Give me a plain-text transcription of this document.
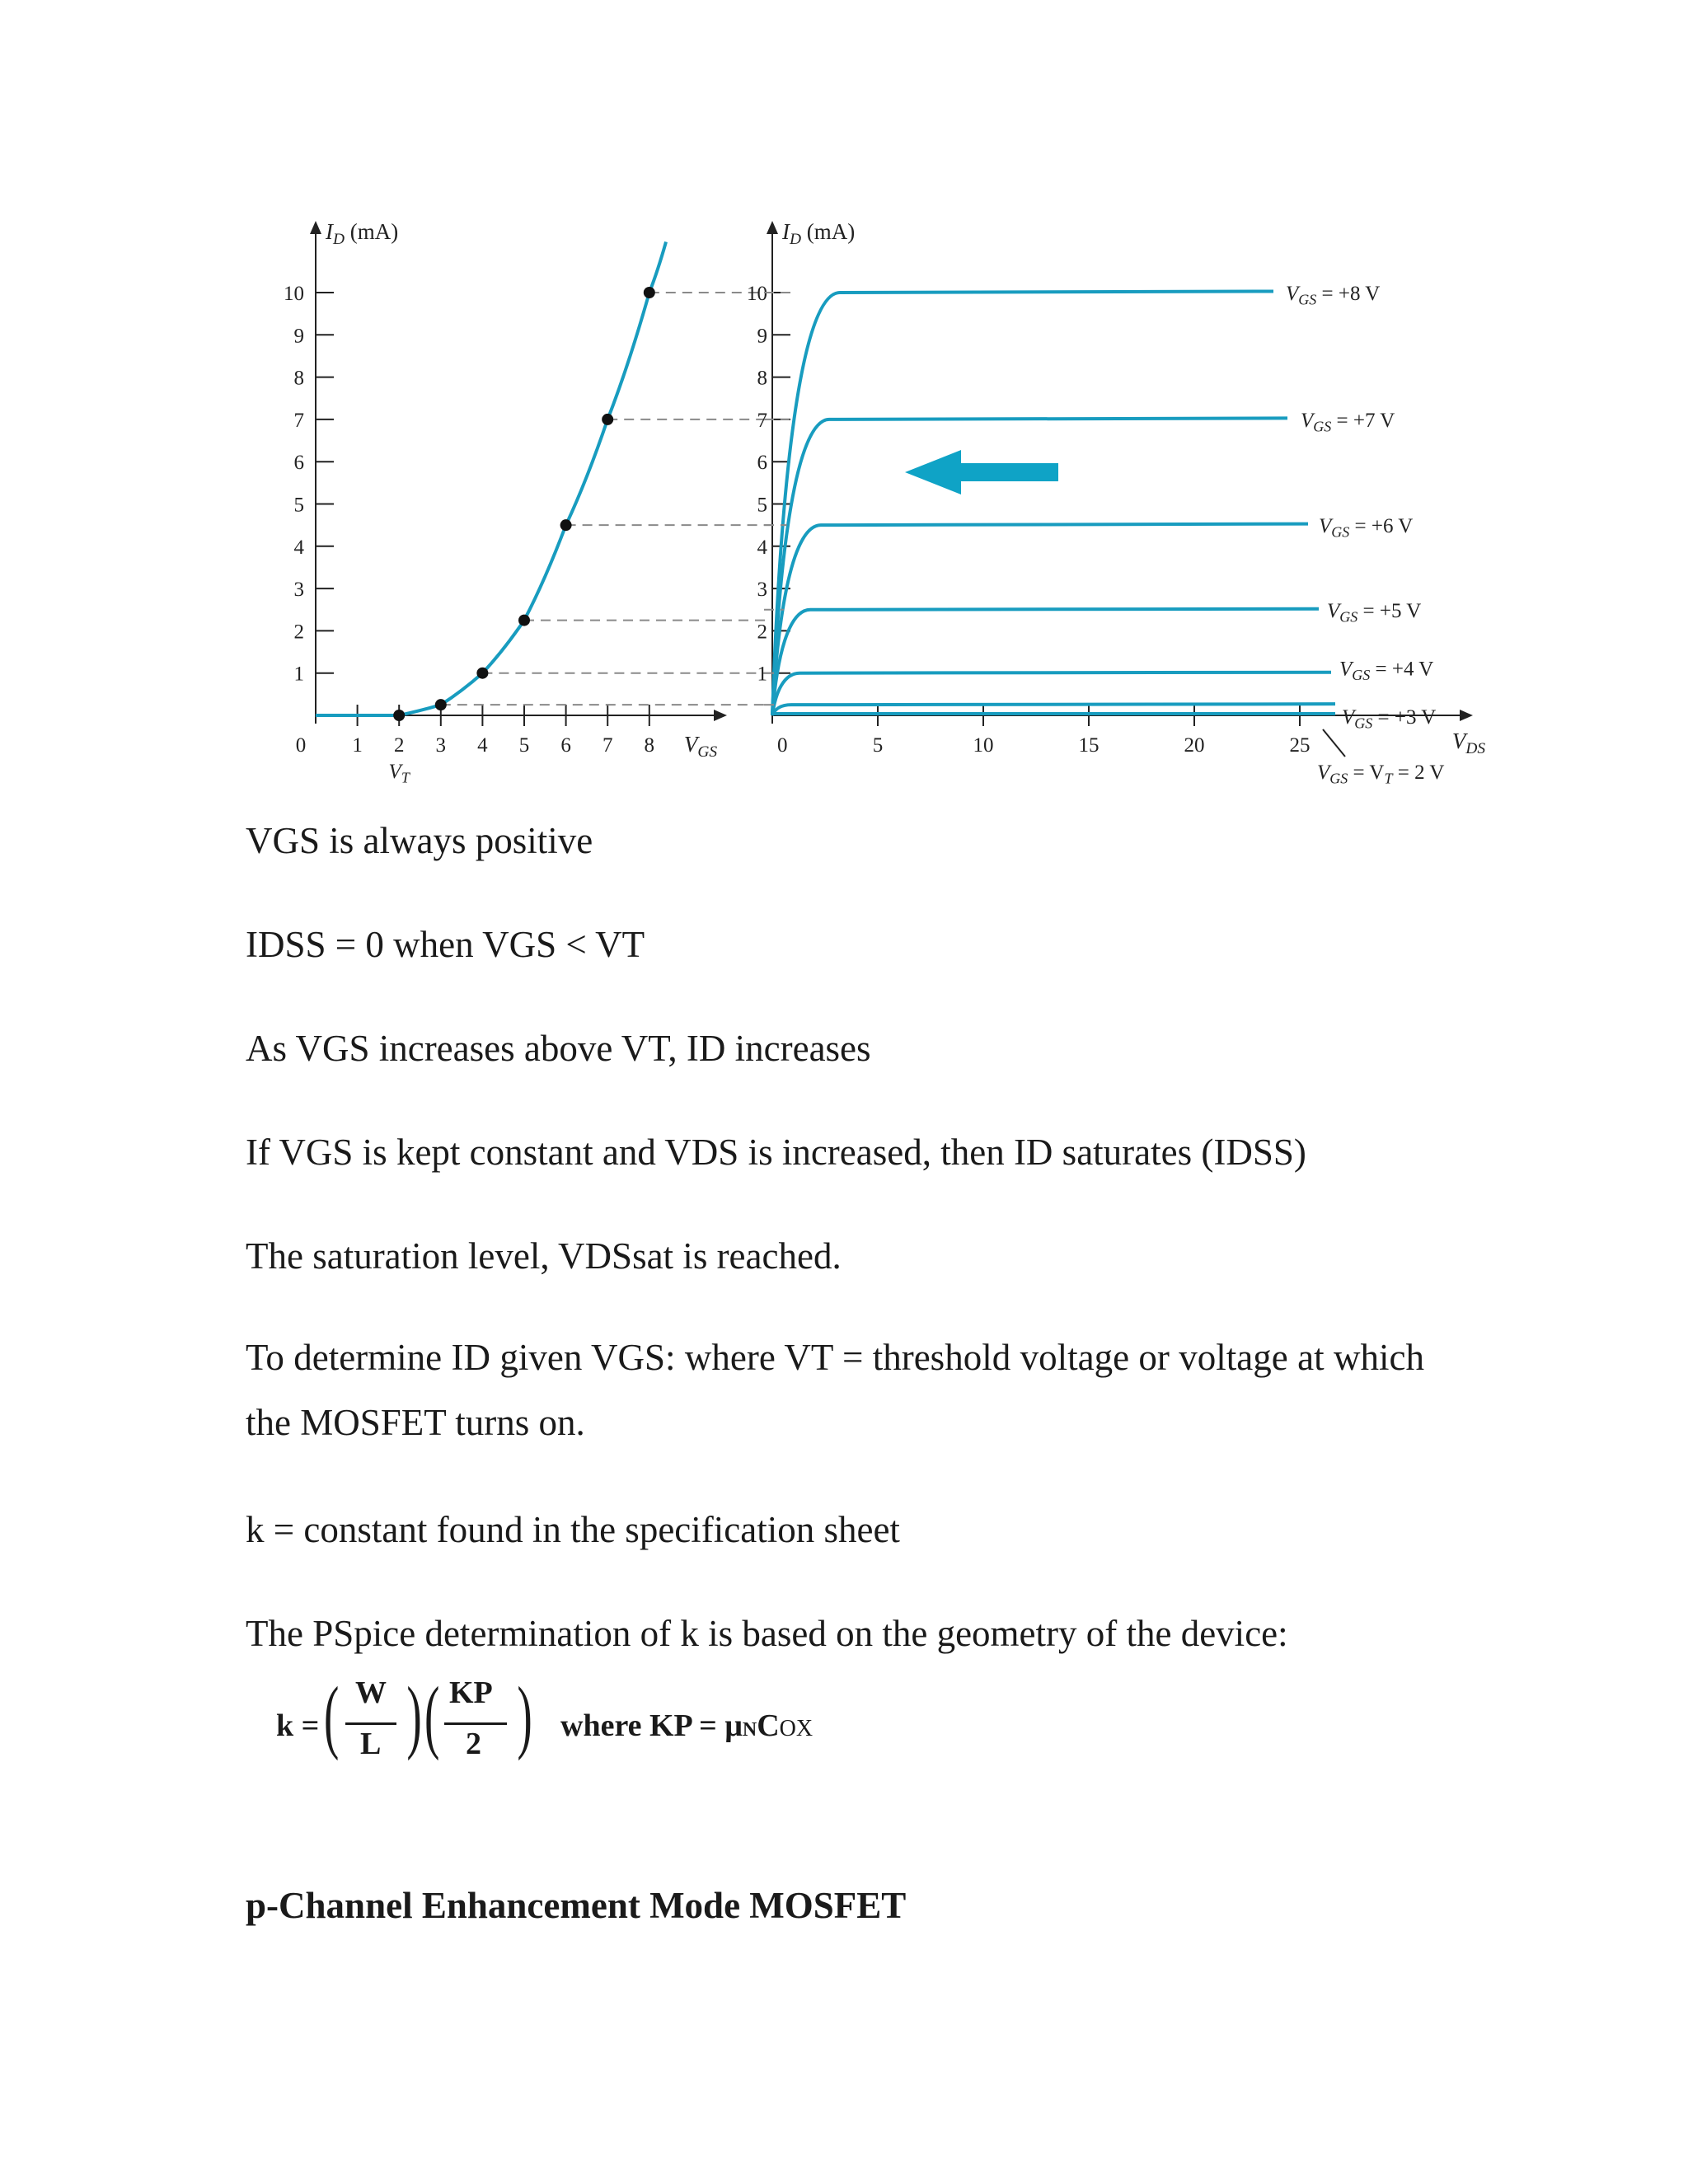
1
2
3
4
5
6
7
8
9
10
0 1 2 3 4 5 6 7 8
$V_T$
$I_D$ (mA)
$V_{GS}$
1
2
3
4
5
6
7
8
9
10
0	5	10	15	20	25
$I_D$ (mA)
$V_{DS}$
$V_{GS} = +8$ V
$V_{GS} = +7$ V
$V_{GS} = +6$ V
$V_{GS} = +5$ V
$V_{GS} = +4$ V
$V_{GS} = +3$ V
$V_{GS} = V_T = 2$ V

VGS is always positive

IDSS = 0 when VGS < VT

As VGS increases above VT, ID increases

If VGS is kept constant and VDS is increased, then ID saturates (IDSS)

The saturation level, VDSsat is reached.

To determine ID given VGS: where VT = threshold voltage or voltage at which the MOSFET turns on.

k = constant found in the specification sheet

The PSpice determination of k is based on the geometry of the device:

k = ( W
L ( ( KP
2 ( where KP = μNCOX

p-Channel Enhancement Mode MOSFET
